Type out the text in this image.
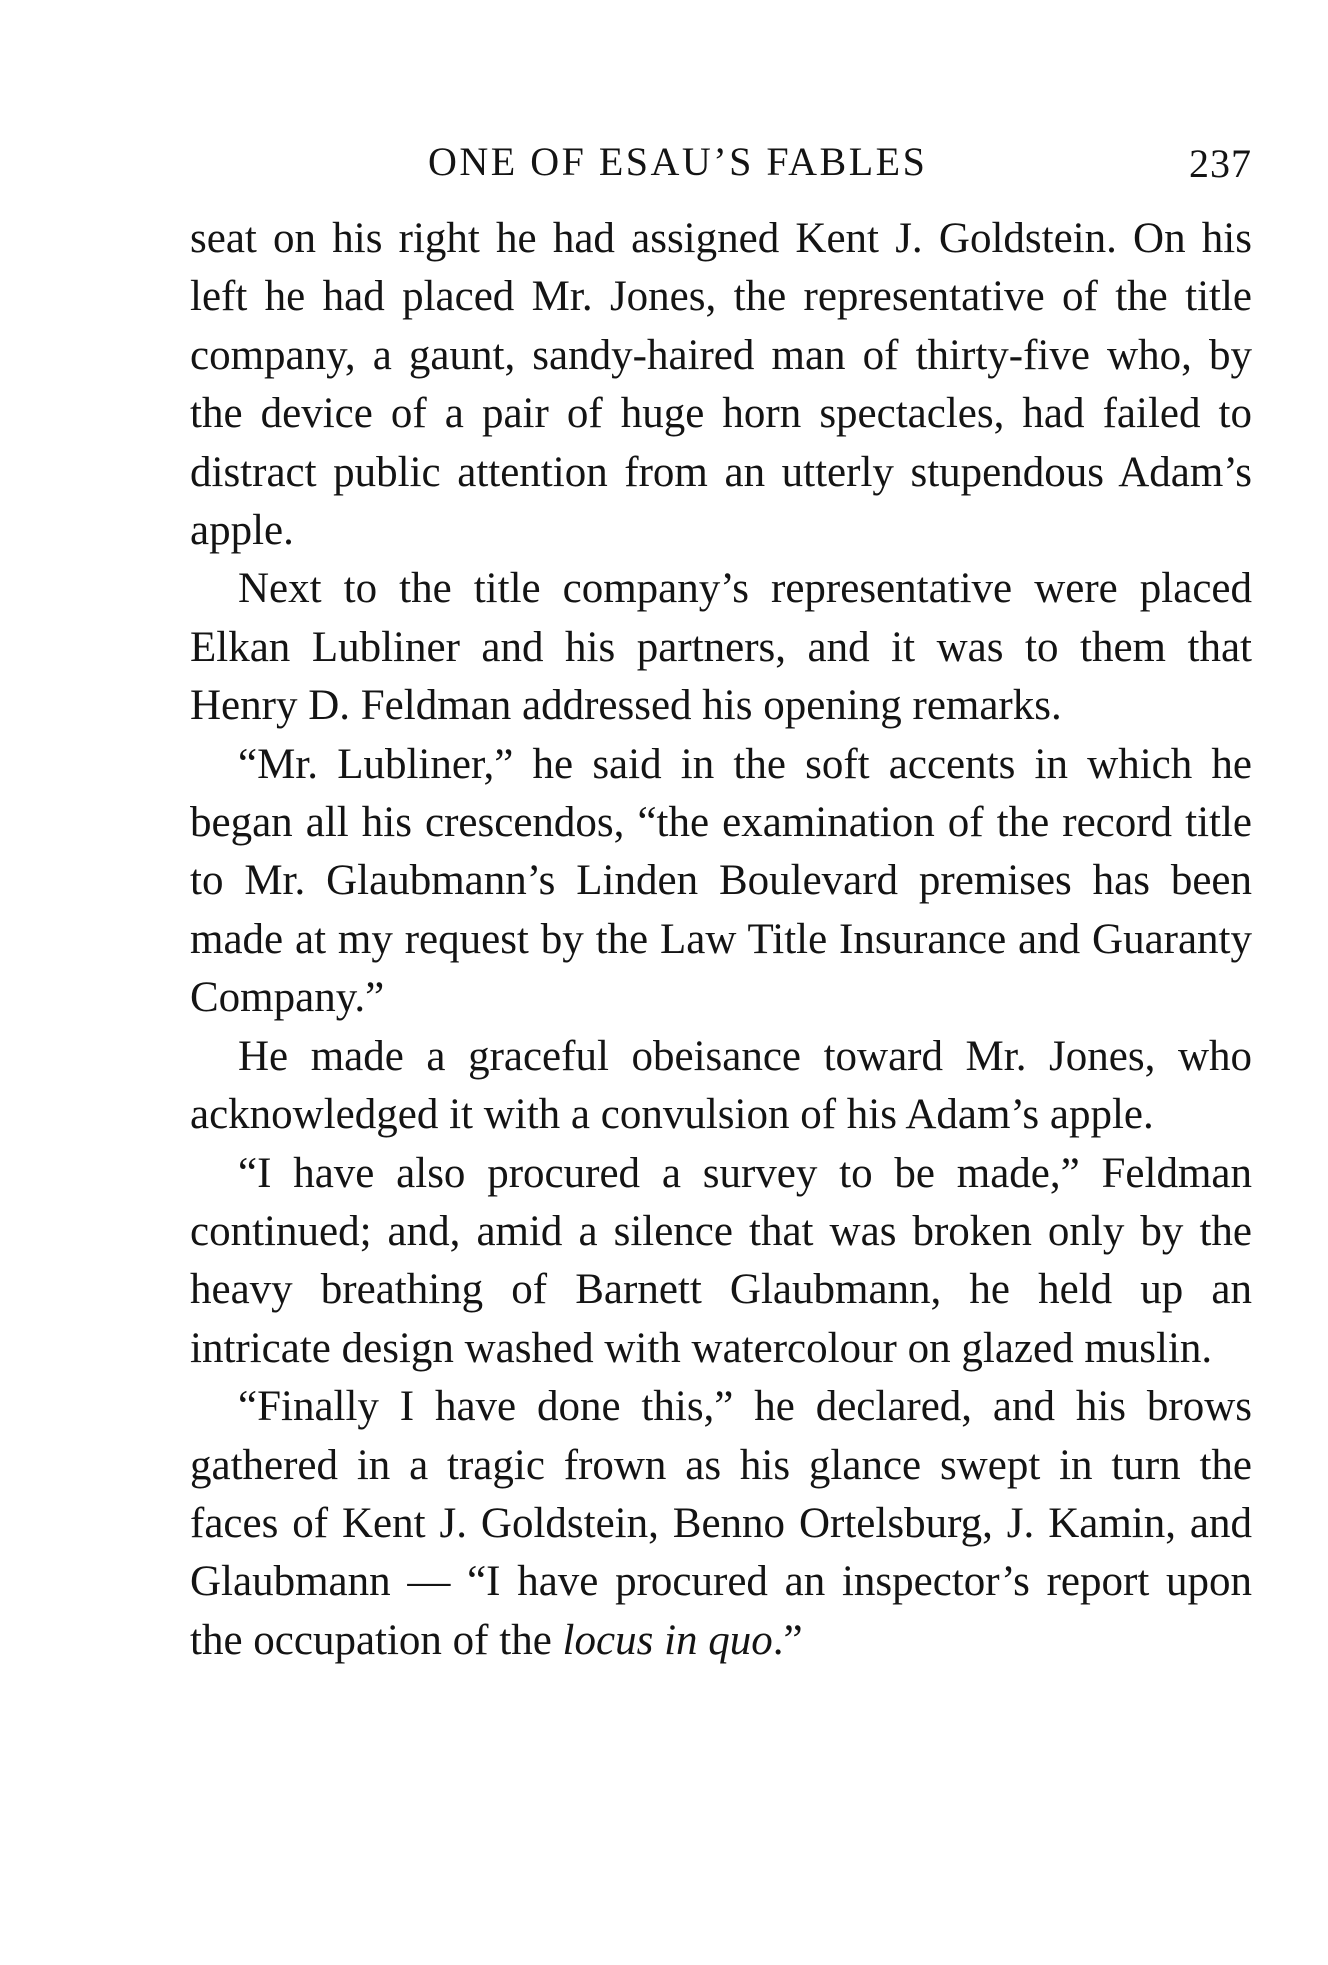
ONE OF ESAU’S FABLES	237

seat on his right he had assigned Kent J. Goldstein. On his left he had placed Mr. Jones, the representative of the title company, a gaunt, sandy-haired man of thirty-five who, by the device of a pair of huge horn spectacles, had failed to distract public attention from an utterly stupendous Adam’s apple.

Next to the title company’s representative were placed Elkan Lubliner and his partners, and it was to them that Henry D. Feldman addressed his opening remarks.

“Mr. Lubliner,” he said in the soft accents in which he began all his crescendos, “the examination of the record title to Mr. Glaubmann’s Linden Boulevard premises has been made at my request by the Law Title Insurance and Guaranty Company.”

He made a graceful obeisance toward Mr. Jones, who acknowledged it with a convulsion of his Adam’s apple.

“I have also procured a survey to be made,” Feldman continued; and, amid a silence that was broken only by the heavy breathing of Barnett Glaubmann, he held up an intricate design washed with watercolour on glazed muslin.

“Finally I have done this,” he declared, and his brows gathered in a tragic frown as his glance swept in turn the faces of Kent J. Goldstein, Benno Ortelsburg, J. Kamin, and Glaubmann — “I have procured an inspector’s report upon the occupation of the locus in quo.”
